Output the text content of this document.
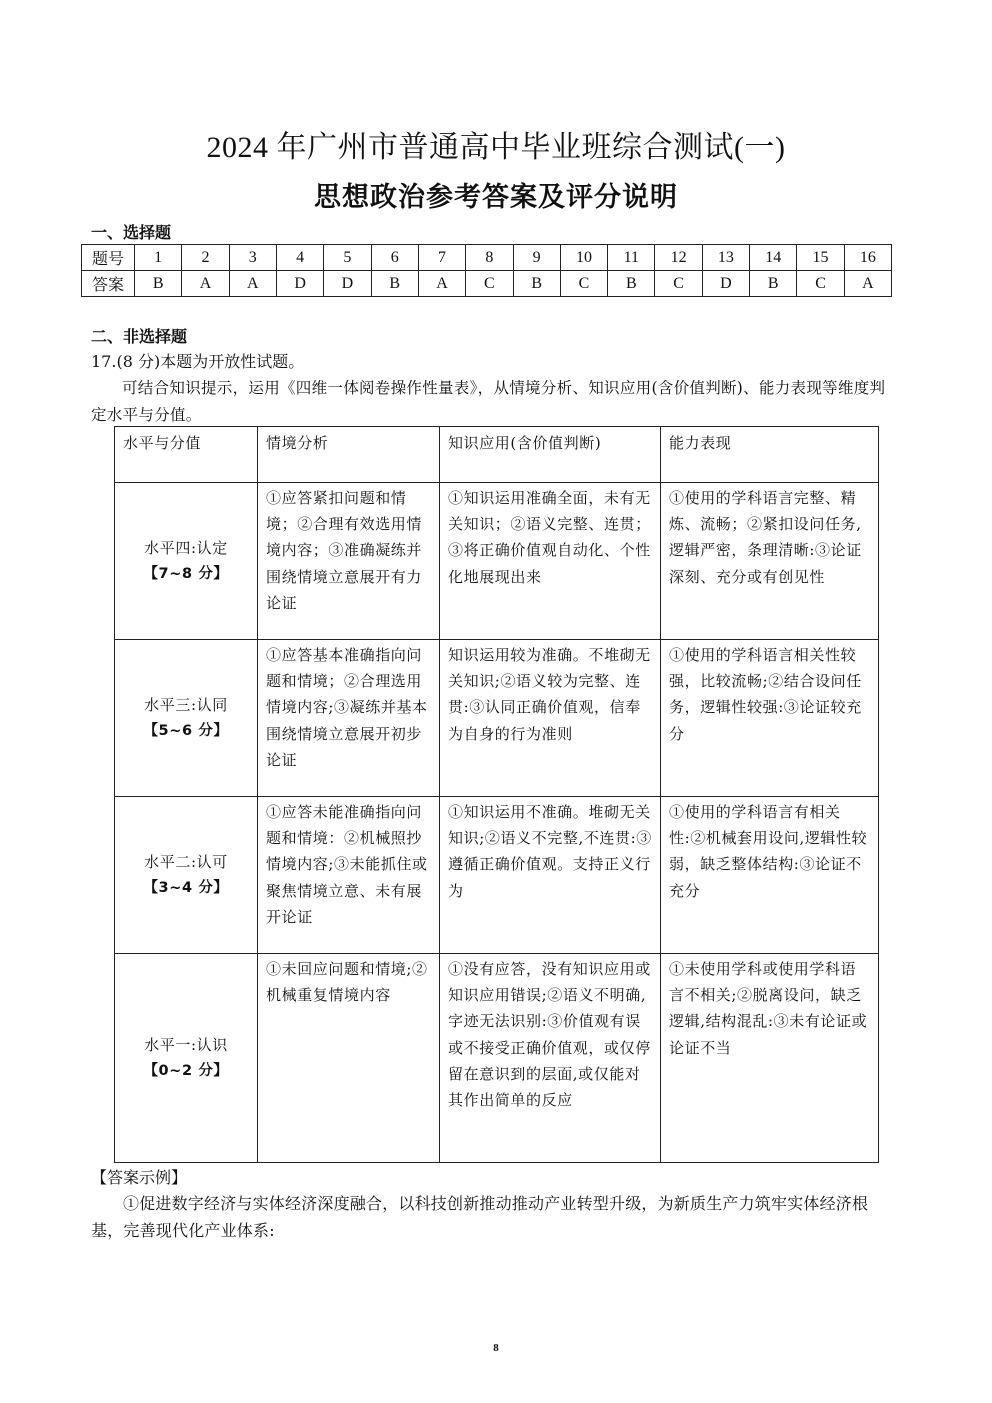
2024 年广州市普通高中毕业班综合测试(一)
思想政治参考答案及评分说明
一、选择题
题号	1	2	3	4	5	6	7	8	9	10	11	12	13	14	15	16
答案	B	A	A	D	D	B	A	C	B	C	B	C	D	B	C	A
二、非选择题
17.(8 分)本题为开放性试题。
可结合知识提示，运用《四维一体阅卷操作性量表》，从情境分析、知识应用(含价值判断)、能力表现等维度判定水平与分值。
水平与分值	情境分析	知识应用(含价值判断)	能力表现

水平四:认定
【7~8 分】	①应答紧扣问题和情境；②合理有效选用情境内容；③准确凝练并围绕情境立意展开有力论证	①知识运用准确全面，未有无关知识；②语义完整、连贯；③将正确价值观自动化、个性化地展现出来	①使用的学科语言完整、精炼、流畅；②紧扣设问任务,逻辑严密，条理清晰:③论证深刻、充分或有创见性

水平三:认同
【5~6 分】	①应答基本准确指向问题和情境；②合理选用情境内容;③凝练并基本围绕情境立意展开初步论证	知识运用较为准确。不堆砌无关知识;②语义较为完整、连贯:③认同正确价值观，信奉为自身的行为准则	①使用的学科语言相关性较强，比较流畅;②结合设问任务，逻辑性较强:③论证较充分

水平二:认可
【3~4 分】	①应答未能准确指向问题和情境：②机械照抄情境内容;③未能抓住或聚焦情境立意、未有展开论证	①知识运用不准确。堆砌无关知识;②语义不完整,不连贯:③遵循正确价值观。支持正义行为	①使用的学科语言有相关性:②机械套用设问,逻辑性较弱，缺乏整体结构:③论证不充分

水平一:认识
【0~2 分】	①未回应问题和情境;②机械重复情境内容	①没有应答，没有知识应用或知识应用错误;②语义不明确,字迹无法识别:③价值观有误或不接受正确价值观，或仅停留在意识到的层面,或仅能对其作出简单的反应	①未使用学科或使用学科语言不相关;②脱离设问，缺乏逻辑,结构混乱:③未有论证或论证不当
【答案示例】
①促进数字经济与实体经济深度融合，以科技创新推动推动产业转型升级，为新质生产力筑牢实体经济根基，完善现代化产业体系:
8
